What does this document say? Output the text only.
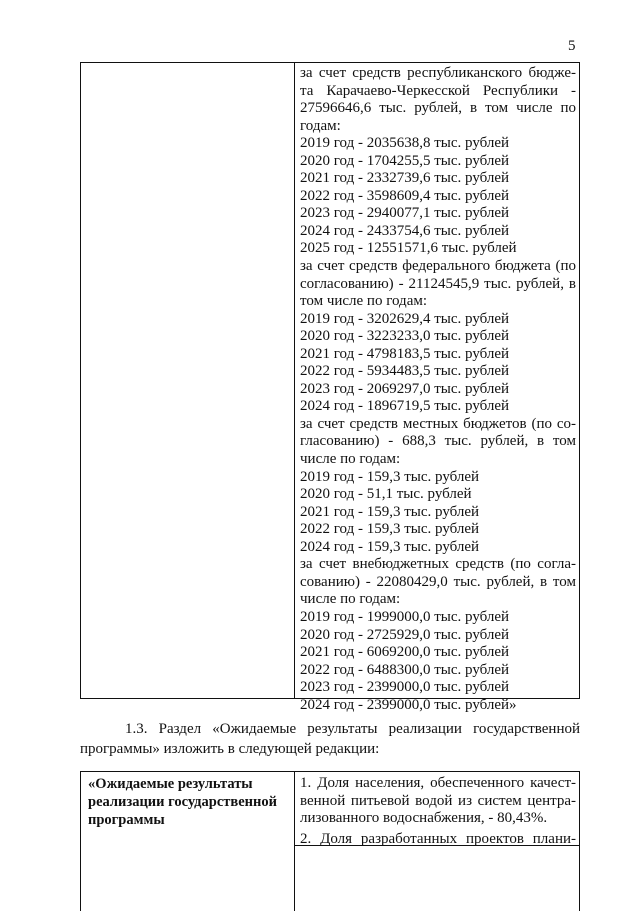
5
за счет средств республиканского бюдже-
та Карачаево-Черкесской Республики -
27596646,6 тыс. рублей, в том числе по
годам:
2019 год - 2035638,8 тыс. рублей
2020 год - 1704255,5 тыс. рублей
2021 год - 2332739,6 тыс. рублей
2022 год - 3598609,4 тыс. рублей
2023 год - 2940077,1 тыс. рублей
2024 год - 2433754,6 тыс. рублей
2025 год - 12551571,6 тыс. рублей
за счет средств федерального бюджета (по
согласованию) - 21124545,9 тыс. рублей, в
том числе по годам:
2019 год - 3202629,4 тыс. рублей
2020 год - 3223233,0 тыс. рублей
2021 год - 4798183,5 тыс. рублей
2022 год - 5934483,5 тыс. рублей
2023 год - 2069297,0 тыс. рублей
2024 год - 1896719,5 тыс. рублей
за счет средств местных бюджетов (по со-
гласованию) - 688,3 тыс. рублей, в том
числе по годам:
2019 год - 159,3 тыс. рублей
2020 год - 51,1 тыс. рублей
2021 год - 159,3 тыс. рублей
2022 год - 159,3 тыс. рублей
2024 год - 159,3 тыс. рублей
за счет внебюджетных средств (по согла-
сованию) - 22080429,0 тыс. рублей, в том
числе по годам:
2019 год - 1999000,0 тыс. рублей
2020 год - 2725929,0 тыс. рублей
2021 год - 6069200,0 тыс. рублей
2022 год - 6488300,0 тыс. рублей
2023 год - 2399000,0 тыс. рублей
2024 год - 2399000,0 тыс. рублей»
1.3. Раздел «Ожидаемые результаты реализации государственной
программы» изложить в следующей редакции:
«Ожидаемые результаты
реализации государственной
программы
1. Доля населения, обеспеченного качест-
венной питьевой водой из систем центра-
лизованного водоснабжения, - 80,43%.
2. Доля разработанных проектов плани-
